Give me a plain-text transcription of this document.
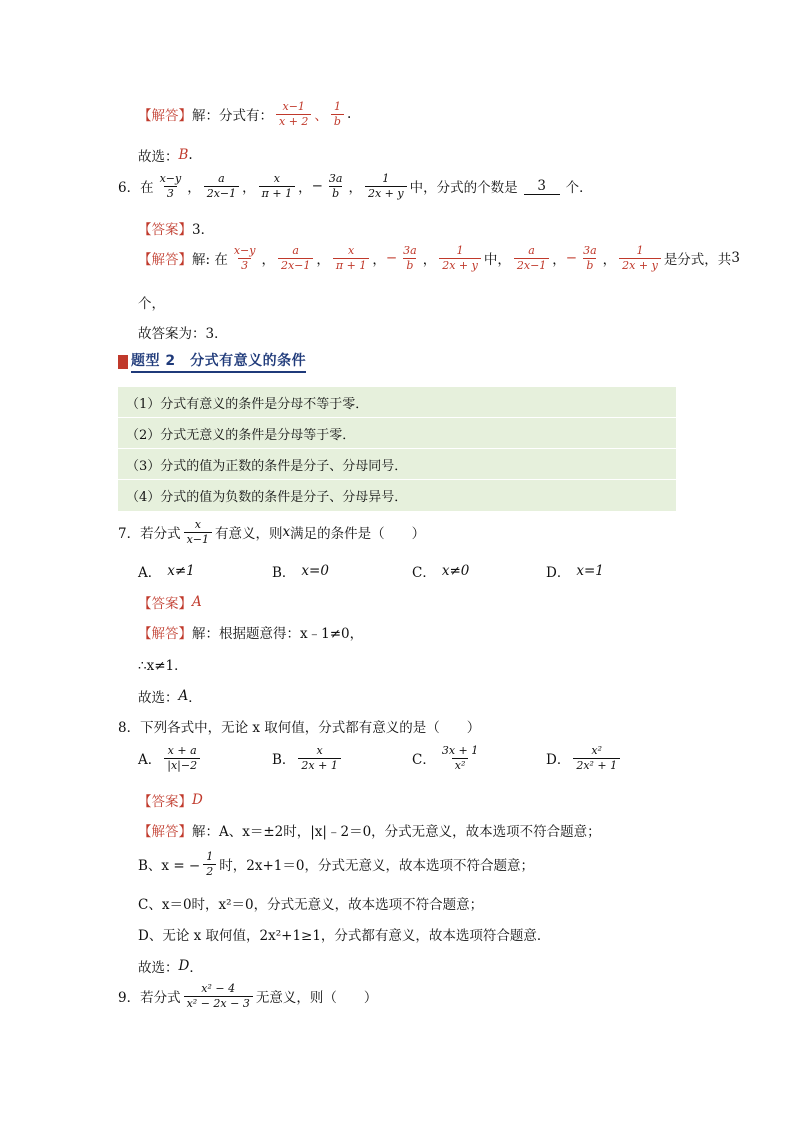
【解答】 解：分式有： $\frac{x-1}{x + 2}$ 、 $\frac{1}{b}$ .
故选： B .
6．在 $\frac{x-y}{3}$ ， $\frac{a}{2x-1}$ ， $\frac{x}{\pi + 1}$ ， − $\frac{3a}{b}$ ， $\frac{1}{2x + y}$ 中，分式的个数是	3	个．
【答案】 3．
【解答】 解: 在 $\frac{x-y}{3}$ ， $\frac{a}{2x-1}$ ， $\frac{x}{\pi + 1}$ ， − $\frac{3a}{b}$ ， $\frac{1}{2x + y}$ 中， $\frac{a}{2x-1}$ ， − $\frac{3a}{b}$ ， $\frac{1}{2x + y}$ 是分式，共 3
个，
故答案为：3．
题型 2　分式有意义的条件
（1）分式有意义的条件是分母不等于零．
（2）分式无意义的条件是分母等于零．
（3）分式的值为正数的条件是分子、分母同号．
（4）分式的值为负数的条件是分子、分母异号．
7．若分式 $\frac{x}{x-1}$ 有意义，则 x 满足的条件是（　　）
A． x≠1	B． x=0	C． x≠0	D． x=1
【答案】 A
【解答】 解：根据题意得：x﹣1≠0，
∴x≠1．
故选： A ．
8．下列各式中，无论 x 取何值，分式都有意义的是（　　）
A． $\frac{x + a}{|x|-2}$	B． $\frac{x}{2x + 1}$	C． $\frac{3x + 1}{\text{x²}}$	D． $\frac{\text{x²}}{\text{2x² + 1}}$
【答案】 D
【解答】 解：A、x＝±2时，|x|﹣2＝0，分式无意义，故本选项不符合题意；
B、x = − $\frac{1}{2}$ 时，2x+1＝0，分式无意义，故本选项不符合题意；
C、x＝0时，x²＝0，分式无意义，故本选项不符合题意；
D、无论 x 取何值，2x²+1≥1，分式都有意义，故本选项符合题意．
故选： D ．
9．若分式 $\frac{\text{x² − 4}}{\text{x² − 2x − 3}}$ 无意义，则（　　）
